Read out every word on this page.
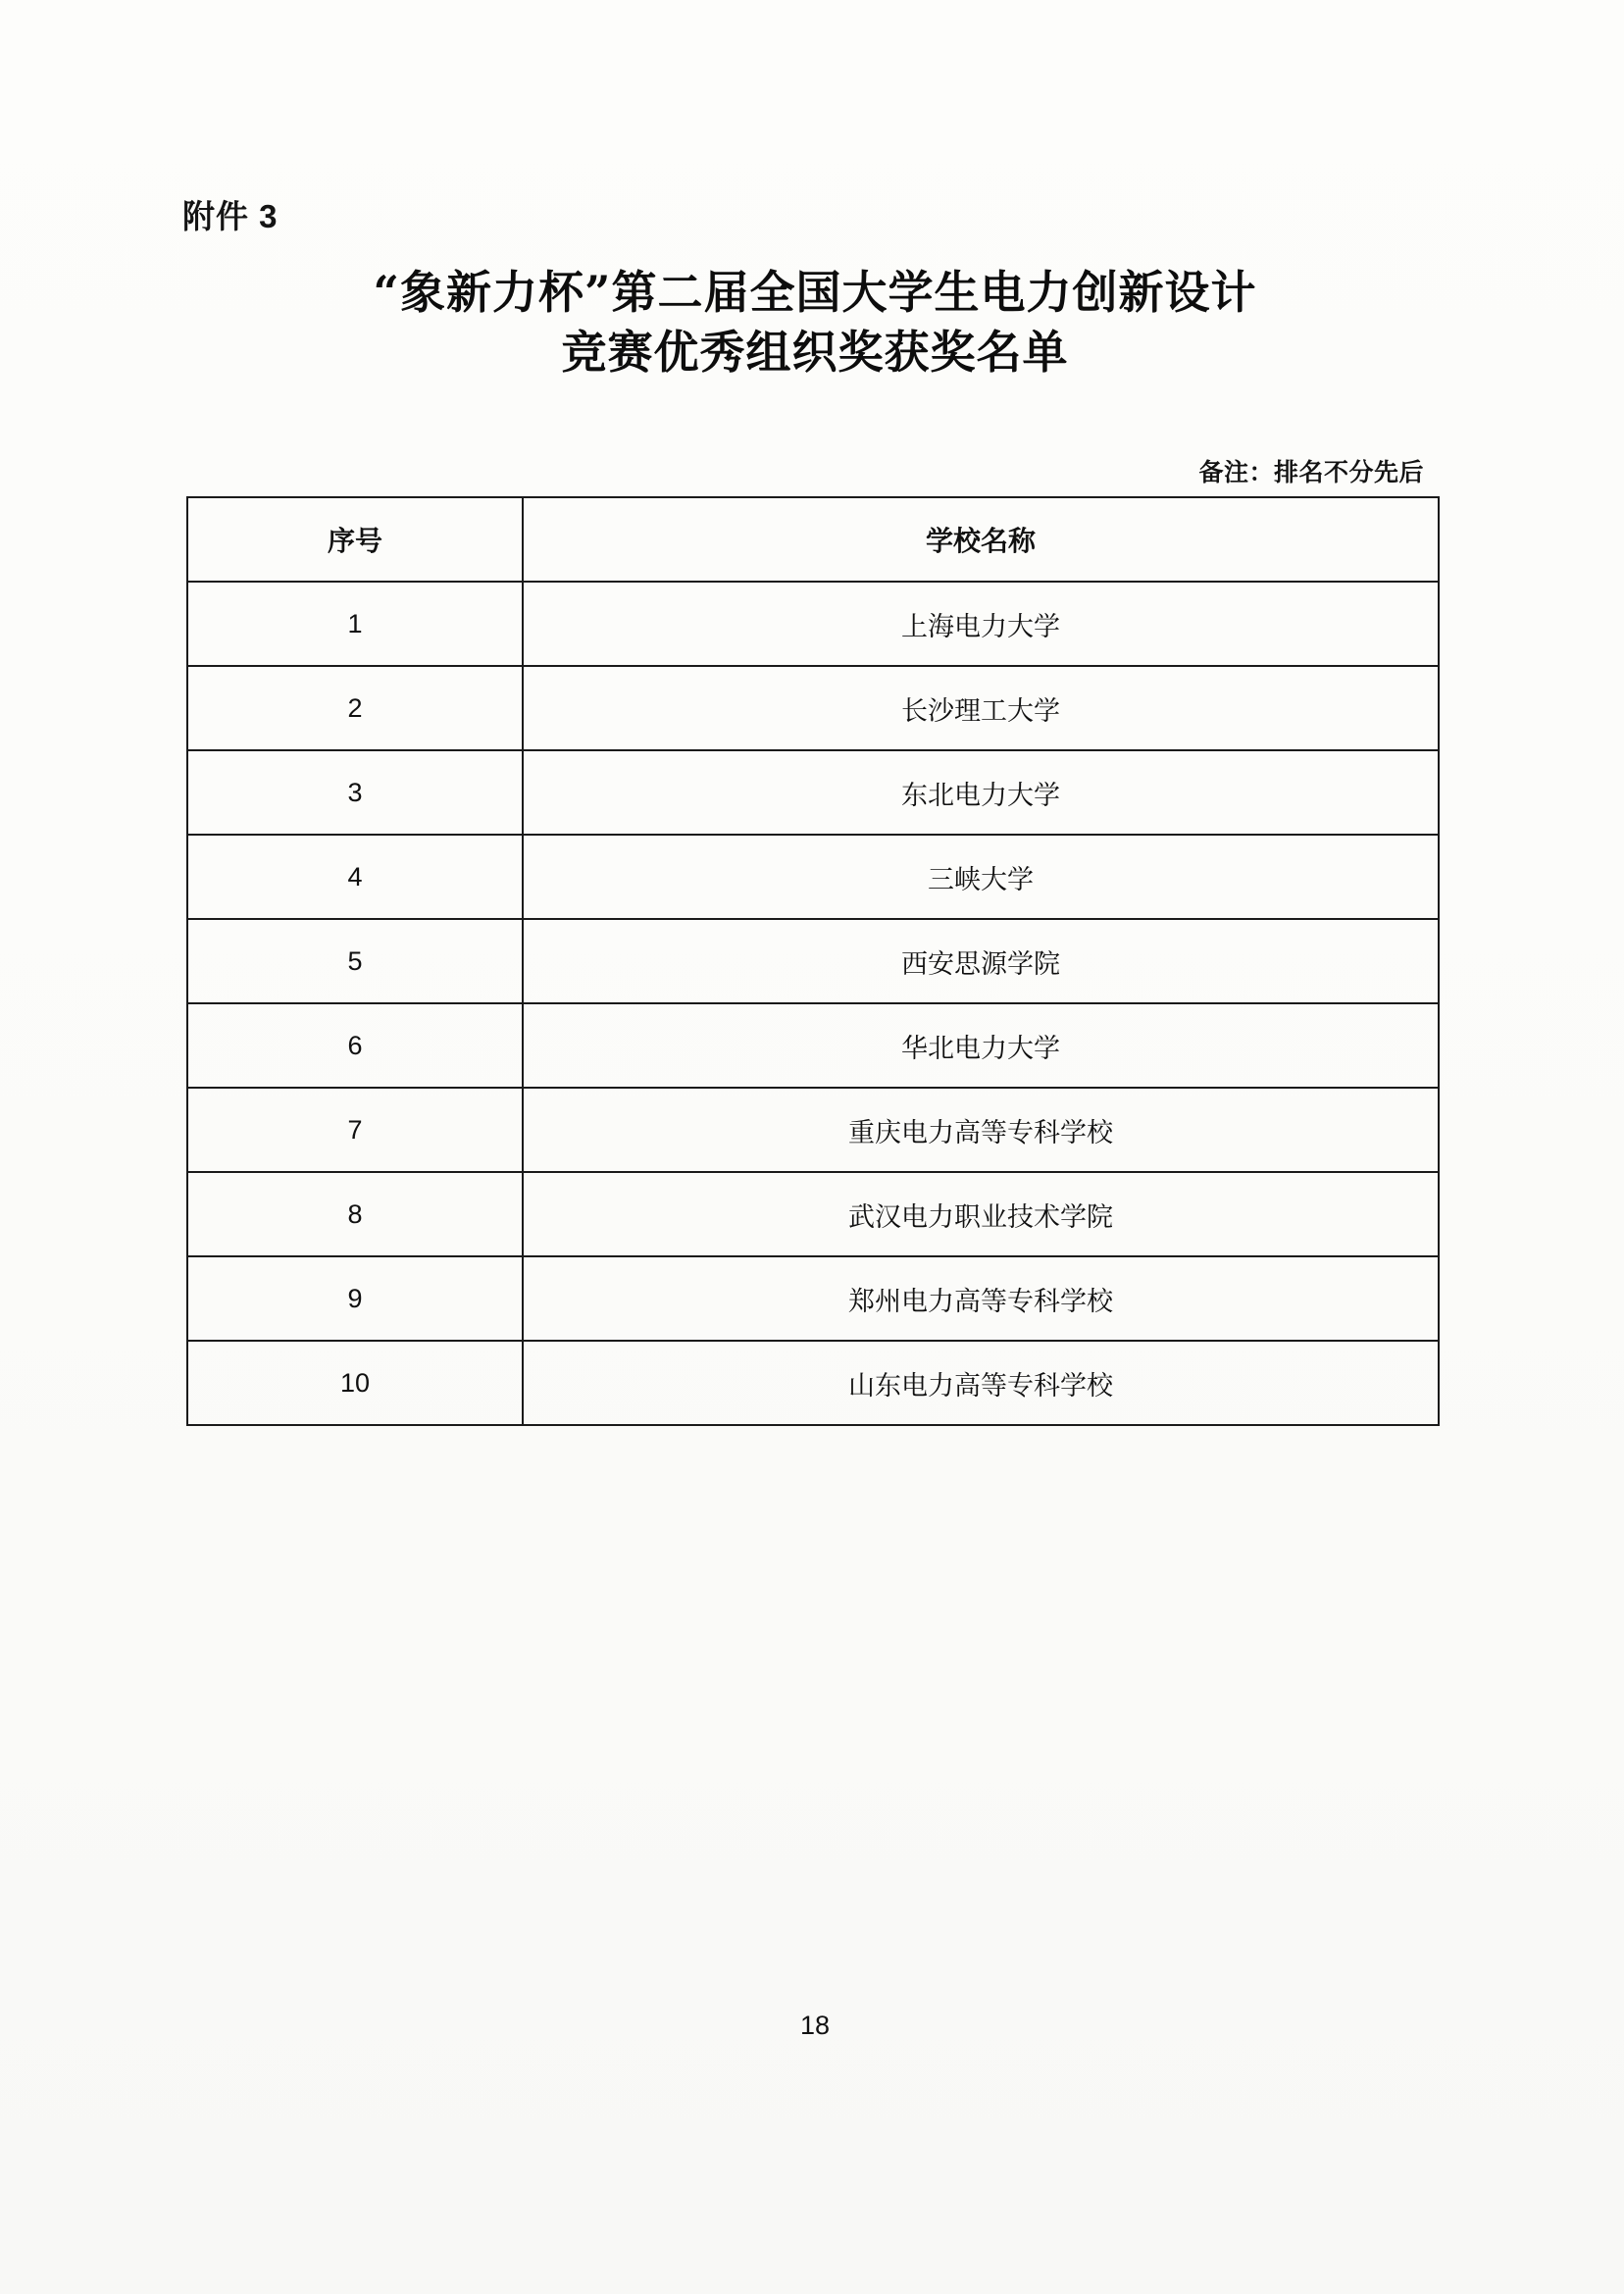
附件 3
“象新力杯”第二届全国大学生电力创新设计
竞赛优秀组织奖获奖名单
备注：排名不分先后
序号	学校名称
1	上海电力大学
2	长沙理工大学
3	东北电力大学
4	三峡大学
5	西安思源学院
6	华北电力大学
7	重庆电力高等专科学校
8	武汉电力职业技术学院
9	郑州电力高等专科学校
10	山东电力高等专科学校
18
